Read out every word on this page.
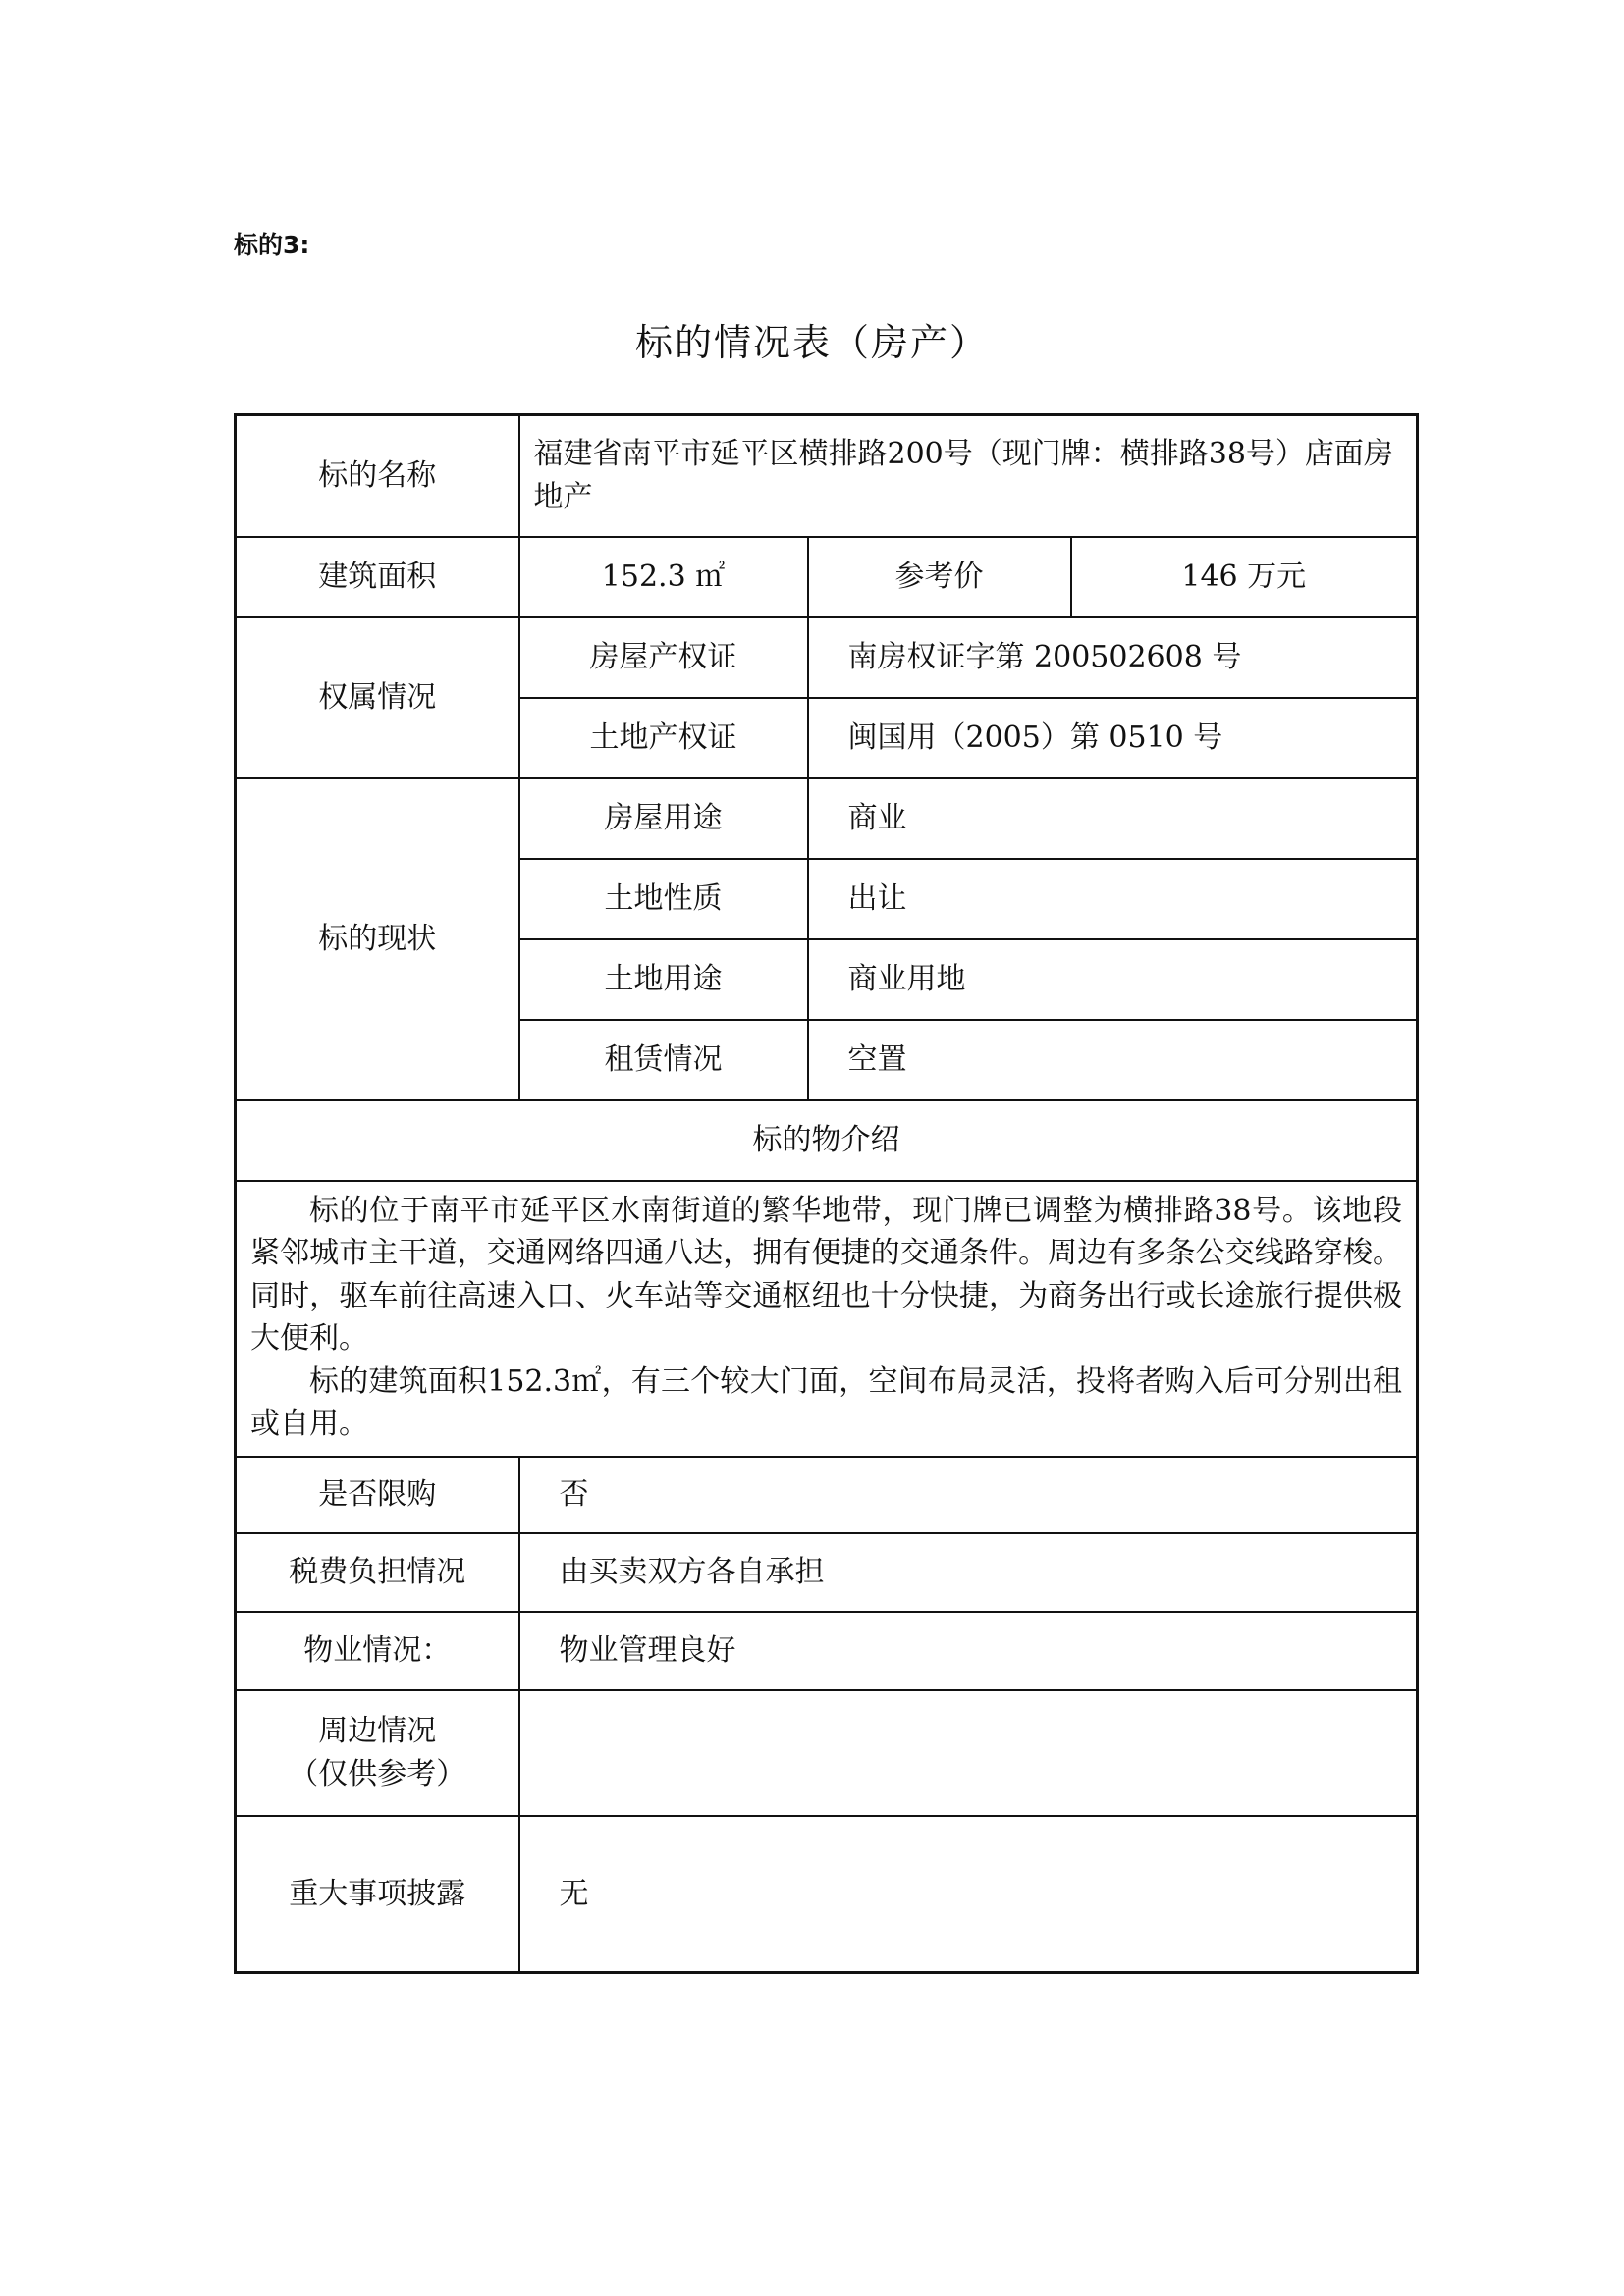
标的3:
标的情况表（房产）
标的名称	福建省南平市延平区横排路200号（现门牌：横排路38号）店面房地产		
建筑面积	152.3 ㎡	参考价	146 万元
权属情况	房屋产权证	南房权证字第 200502608 号	
	土地产权证	闽国用（2005）第 0510 号	
标的现状	房屋用途	商业	
	土地性质	出让	
	土地用途	商业用地	
	租赁情况	空置	
标的物介绍			

标的位于南平市延平区水南街道的繁华地带，现门牌已调整为横排路38号。该地段紧邻城市主干道，交通网络四通八达，拥有便捷的交通条件。周边有多条公交线路穿梭。同时，驱车前往高速入口、火车站等交通枢纽也十分快捷，为商务出行或长途旅行提供极大便利。

标的建筑面积152.3㎡，有三个较大门面，空间布局灵活，投将者购入后可分别出租或自用。			

是否限购	否		
税费负担情况	由买卖双方各自承担		
物业情况：	物业管理良好		

周边情况
（仅供参考）			

重大事项披露	无		
